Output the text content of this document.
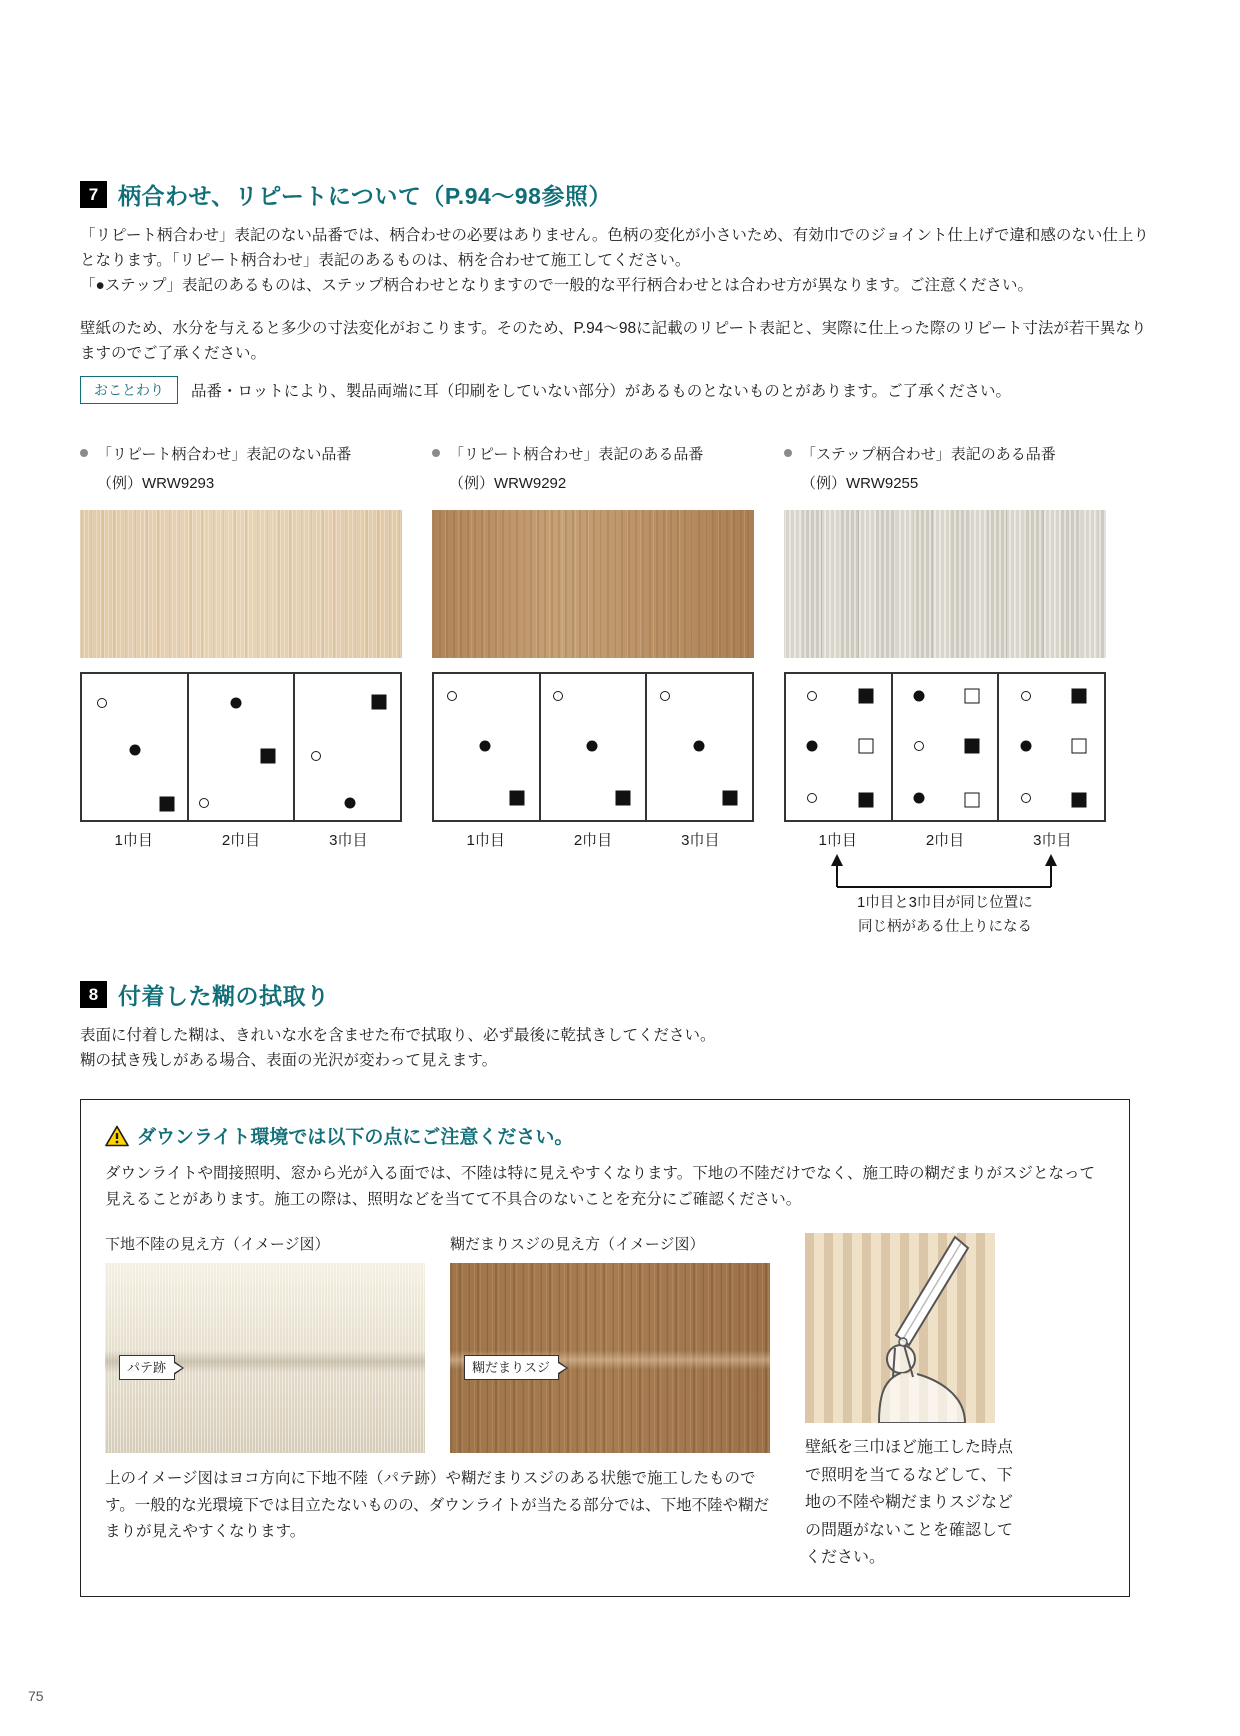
7 柄合わせ、リピートについて（P.94～98参照）

「リピート柄合わせ」表記のない品番では、柄合わせの必要はありません。色柄の変化が小さいため、有効巾でのジョイント仕上げで違和感のない仕上りとなります。「リピート柄合わせ」表記のあるものは、柄を合わせて施工してください。
「●ステップ」表記のあるものは、ステップ柄合わせとなりますので一般的な平行柄合わせとは合わせ方が異なります。ご注意ください。

壁紙のため、水分を与えると多少の寸法変化がおこります。そのため、P.94～98に記載のリピート表記と、実際に仕上った際のリピート寸法が若干異なりますのでご了承ください。

おことわり	品番・ロットにより、製品両端に耳（印刷をしていない部分）があるものとないものとがあります。ご了承ください。
「リピート柄合わせ」表記のない品番
（例）WRW9293
1巾目	2巾目	3巾目
「リピート柄合わせ」表記のある品番
（例）WRW9292
1巾目	2巾目	3巾目
「ステップ柄合わせ」表記のある品番
（例）WRW9255
1巾目	2巾目	3巾目
1巾目と3巾目が同じ位置に
同じ柄がある仕上りになる
8 付着した糊の拭取り

表面に付着した糊は、きれいな水を含ませた布で拭取り、必ず最後に乾拭きしてください。
糊の拭き残しがある場合、表面の光沢が変わって見えます。

ダウンライト環境では以下の点にご注意ください。

ダウンライトや間接照明、窓から光が入る面では、不陸は特に見えやすくなります。下地の不陸だけでなく、施工時の糊だまりがスジとなって見えることがあります。施工の際は、照明などを当てて不具合のないことを充分にご確認ください。

下地不陸の見え方（イメージ図）	糊だまりスジの見え方（イメージ図）
パテ跡	糊だまりスジ

上のイメージ図はヨコ方向に下地不陸（パテ跡）や糊だまりスジのある状態で施工したものです。一般的な光環境下では目立たないものの、ダウンライトが当たる部分では、下地不陸や糊だまりが見えやすくなります。

壁紙を三巾ほど施工した時点で照明を当てるなどして、下地の不陸や糊だまりスジなどの問題がないことを確認してください。

75
